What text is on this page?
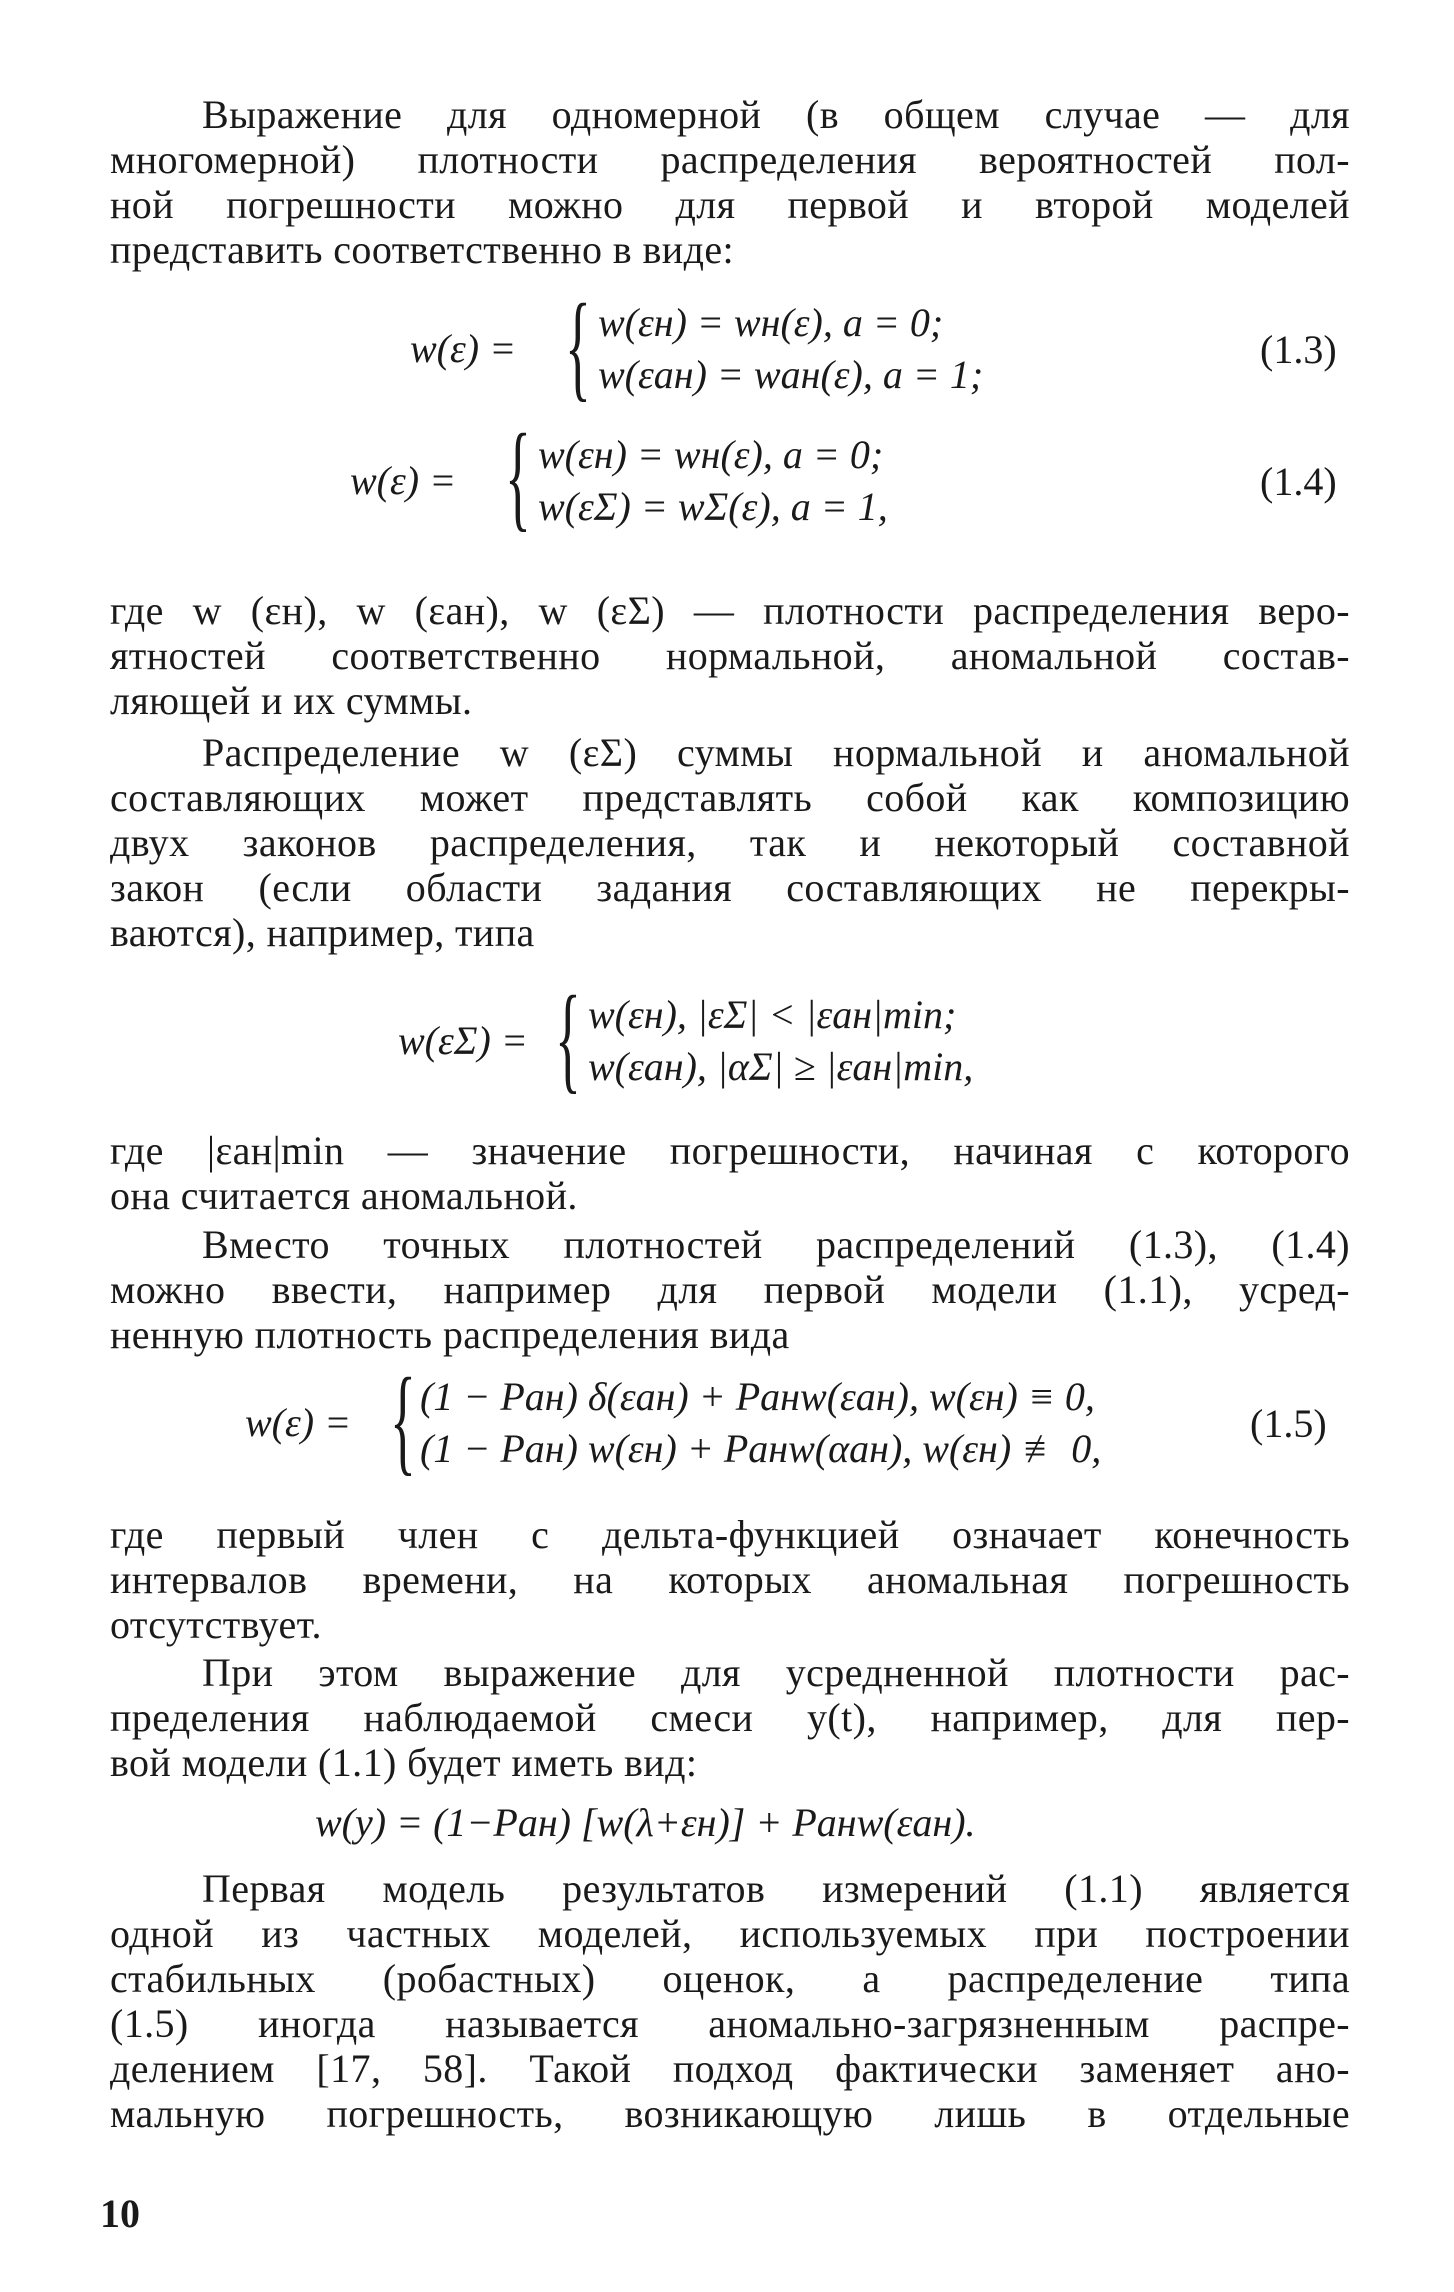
Выражение для одномерной (в общем случае — для
многомерной) плотности распределения вероятностей пол-
ной погрешности можно для первой и второй моделей
представить соответственно в виде:
w(ε) = { w(εн) = wн(ε), a = 0;
w(εан) = wан(ε), a = 1;
(1.3)
w(ε) = { w(εн) = wн(ε), a = 0;
w(εΣ) = wΣ(ε), a = 1,
(1.4)
где w (εн), w (εан), w (εΣ) — плотности распределения веро-
ятностей соответственно нормальной, аномальной состав-
ляющей и их суммы.
Распределение w (εΣ) суммы нормальной и аномальной
составляющих может представлять собой как композицию
двух законов распределения, так и некоторый составной
закон (если области задания составляющих не перекры-
ваются), например, типа
w(εΣ) = { w(εн), |εΣ| < |εан|min;
w(εан), |αΣ| ≥ |εан|min,
где |εан|min — значение погрешности, начиная с которого
она считается аномальной.
Вместо точных плотностей распределений (1.3), (1.4)
можно ввести, например для первой модели (1.1), усред-
ненную плотность распределения вида
w(ε) = { (1 − Pан) δ(εан) + Pанw(εан), w(εн) ≡ 0,
(1 − Pан) w(εн) + Pанw(αан), w(εн) ≢ 0,
(1.5)
где первый член с дельта-функцией означает конечность
интервалов времени, на которых аномальная погрешность
отсутствует.
При этом выражение для усредненной плотности рас-
пределения наблюдаемой смеси y(t), например, для пер-
вой модели (1.1) будет иметь вид:
w(y) = (1−Pан) [w(λ+εн)] + Pанw(εан).
Первая модель результатов измерений (1.1) является
одной из частных моделей, используемых при построении
стабильных (робастных) оценок, а распределение типа
(1.5) иногда называется аномально-загрязненным распре-
делением [17, 58]. Такой подход фактически заменяет ано-
мальную погрешность, возникающую лишь в отдельные
10
